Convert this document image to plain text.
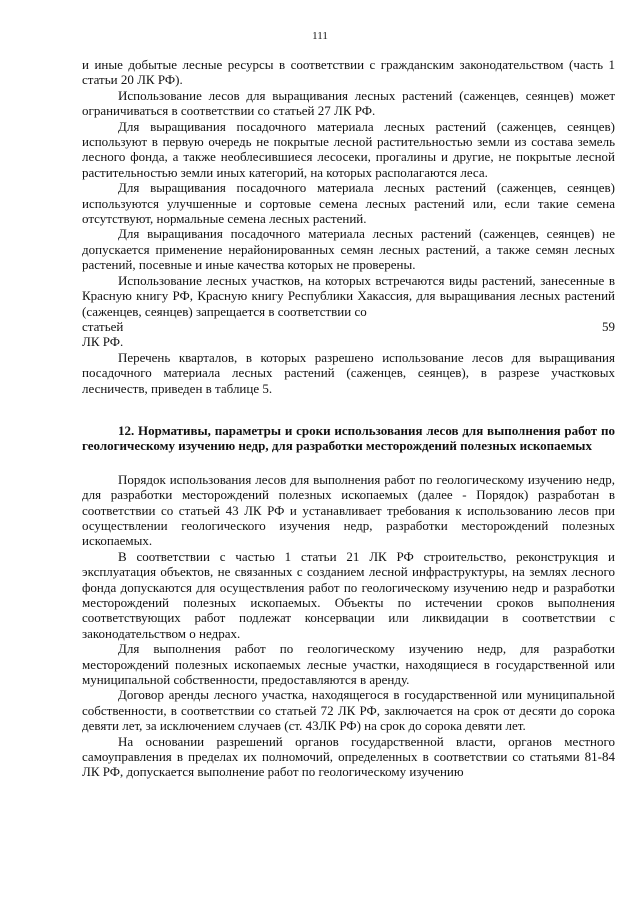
111

и иные добытые лесные ресурсы в соответствии с гражданским законодательством (часть 1 статьи 20 ЛК РФ).

Использование лесов для выращивания лесных растений (саженцев, сеянцев) может ограничиваться в соответствии со статьей 27 ЛК РФ.

Для выращивания посадочного материала лесных растений (саженцев, сеянцев) используют в первую очередь не покрытые лесной растительностью земли из состава земель лесного фонда, а также необлесившиеся лесосеки, прогалины и другие, не покрытые лесной растительностью земли иных категорий, на которых располагаются леса.

Для выращивания посадочного материала лесных растений (саженцев, сеянцев) используются улучшенные и сортовые семена лесных растений или, если такие семена отсутствуют, нормальные семена лесных растений.

Для выращивания посадочного материала лесных растений (саженцев, сеянцев) не допускается применение нерайонированных семян лесных растений, а также семян лесных растений, посевные и иные качества которых не проверены.

Использование лесных участков, на которых встречаются виды растений, занесенные в Красную книгу РФ, Красную книгу Республики Хакассия, для выращивания лесных растений (саженцев, сеянцев) запрещается в соответствии со

статьей	59

ЛК РФ.

Перечень кварталов, в которых разрешено использование лесов для выращивания посадочного материала лесных растений (саженцев, сеянцев), в разрезе участковых лесничеств, приведен в таблице 5.

12. Нормативы, параметры и сроки использования лесов для выполнения работ по геологическому изучению недр, для разработки месторождений полезных ископаемых

Порядок использования лесов для выполнения работ по геологическому изучению недр, для разработки месторождений полезных ископаемых (далее - Порядок) разработан в соответствии со статьей 43 ЛК РФ и устанавливает требования к использованию лесов при осуществлении геологического изучения недр, разработки месторождений полезных ископаемых.

В соответствии с частью 1 статьи 21 ЛК РФ строительство, реконструкция и эксплуатация объектов, не связанных с созданием лесной инфраструктуры, на землях лесного фонда допускаются для осуществления работ по геологическому изучению недр и разработки месторождений полезных ископаемых. Объекты по истечении сроков выполнения соответствующих работ подлежат консервации или ликвидации в соответствии с законодательством о недрах.

Для выполнения работ по геологическому изучению недр, для разработки месторождений полезных ископаемых лесные участки, находящиеся в государственной или муниципальной собственности, предоставляются в аренду.

Договор аренды лесного участка, находящегося в государственной или муниципальной собственности, в соответствии со статьей 72 ЛК РФ, заключается на срок от десяти до сорока девяти лет, за исключением случаев (ст. 43ЛК РФ) на срок до сорока девяти лет.

На основании разрешений органов государственной власти, органов местного самоуправления в пределах их полномочий, определенных в соответствии со статьями 81-84 ЛК РФ, допускается выполнение работ по геологическому изучению
